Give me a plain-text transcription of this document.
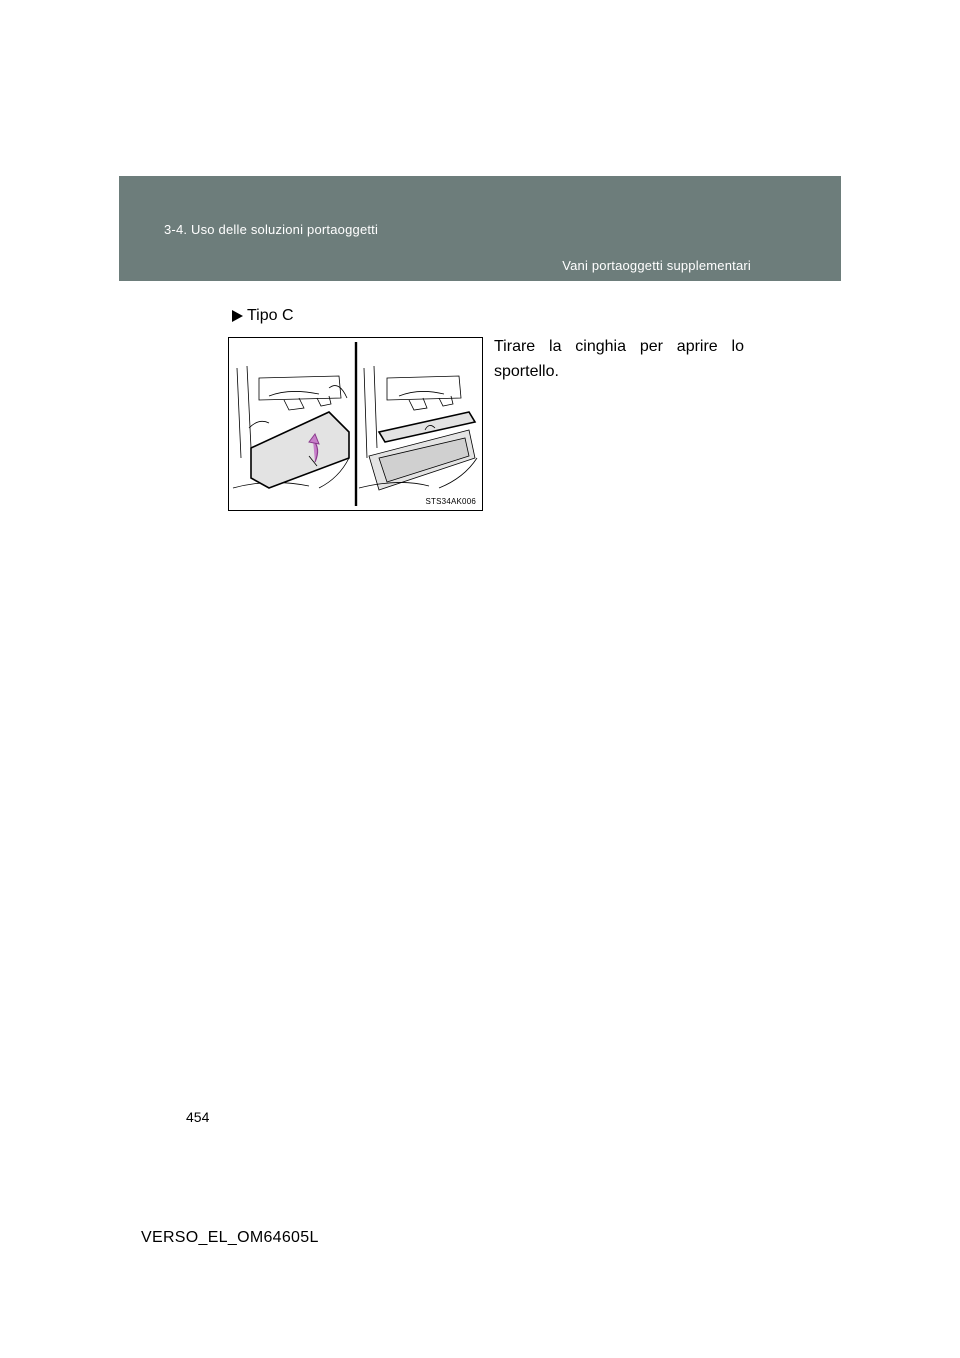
3-4. Uso delle soluzioni portaoggetti
Vani portaoggetti supplementari
Tipo C
STS34AK006
Tirare la cinghia per aprire lo sportello.
454
VERSO_EL_OM64605L
